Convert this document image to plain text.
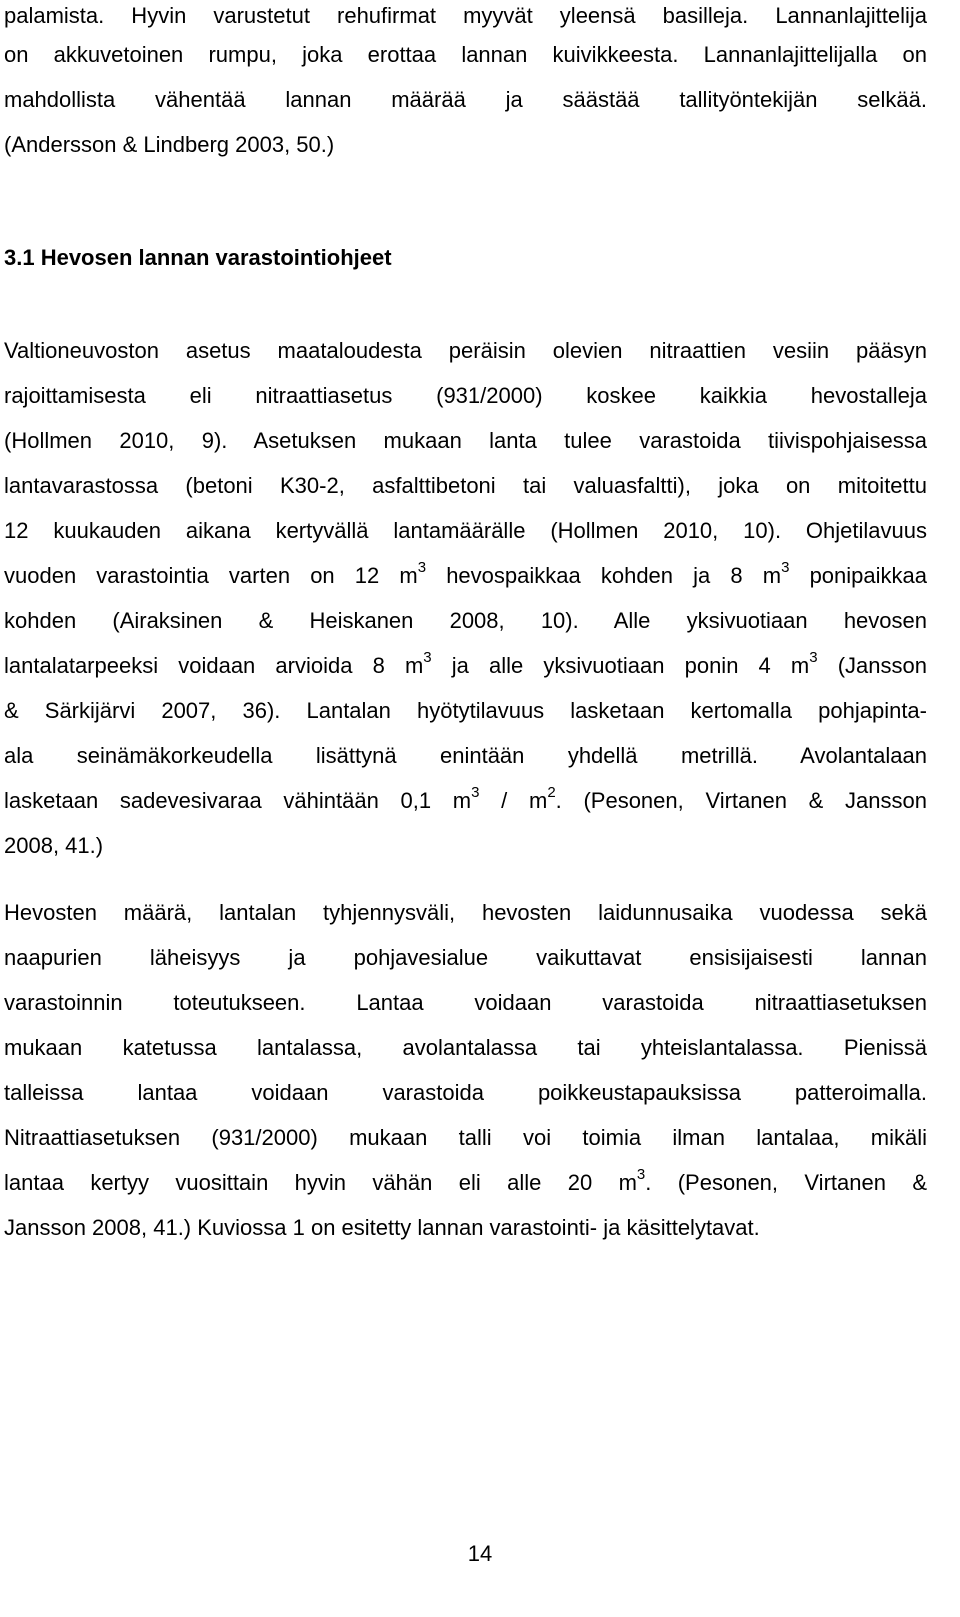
palamista. Hyvin varustetut rehufirmat myyvät yleensä basilleja. Lannanlajittelija
on akkuvetoinen rumpu, joka erottaa lannan kuivikkeesta. Lannanlajittelijalla on
mahdollista vähentää lannan määrää ja säästää tallityöntekijän selkää.
(Andersson & Lindberg 2003, 50.)
3.1 Hevosen lannan varastointiohjeet
Valtioneuvoston asetus maataloudesta peräisin olevien nitraattien vesiin pääsyn
rajoittamisesta eli nitraattiasetus (931/2000) koskee kaikkia hevostalleja
(Hollmen 2010, 9). Asetuksen mukaan lanta tulee varastoida tiivispohjaisessa
lantavarastossa (betoni K30-2, asfalttibetoni tai valuasfaltti), joka on mitoitettu
12 kuukauden aikana kertyvällä lantamäärälle (Hollmen 2010, 10). Ohjetilavuus
vuoden varastointia varten on 12 $m^3$ hevospaikkaa kohden ja 8 $m^3$ ponipaikkaa
kohden (Airaksinen & Heiskanen 2008, 10). Alle yksivuotiaan hevosen
lantalatarpeeksi voidaan arvioida 8 $m^3$ ja alle yksivuotiaan ponin 4 $m^3$ (Jansson
& Särkijärvi 2007, 36). Lantalan hyötytilavuus lasketaan kertomalla pohjapinta-
ala seinämäkorkeudella lisättynä enintään yhdellä metrillä. Avolantalaan
lasketaan sadevesivaraa vähintään 0,1 $m^3 / m^2$. (Pesonen, Virtanen & Jansson
2008, 41.)
Hevosten määrä, lantalan tyhjennysväli, hevosten laidunnusaika vuodessa sekä
naapurien läheisyys ja pohjavesialue vaikuttavat ensisijaisesti lannan
varastoinnin toteutukseen. Lantaa voidaan varastoida nitraattiasetuksen
mukaan katetussa lantalassa, avolantalassa tai yhteislantalassa. Pienissä
talleissa lantaa voidaan varastoida poikkeustapauksissa patteroimalla.
Nitraattiasetuksen (931/2000) mukaan talli voi toimia ilman lantalaa, mikäli
lantaa kertyy vuosittain hyvin vähän eli alle 20 $m^3$. (Pesonen, Virtanen &
Jansson 2008, 41.) Kuviossa 1 on esitetty lannan varastointi- ja käsittelytavat.
14
